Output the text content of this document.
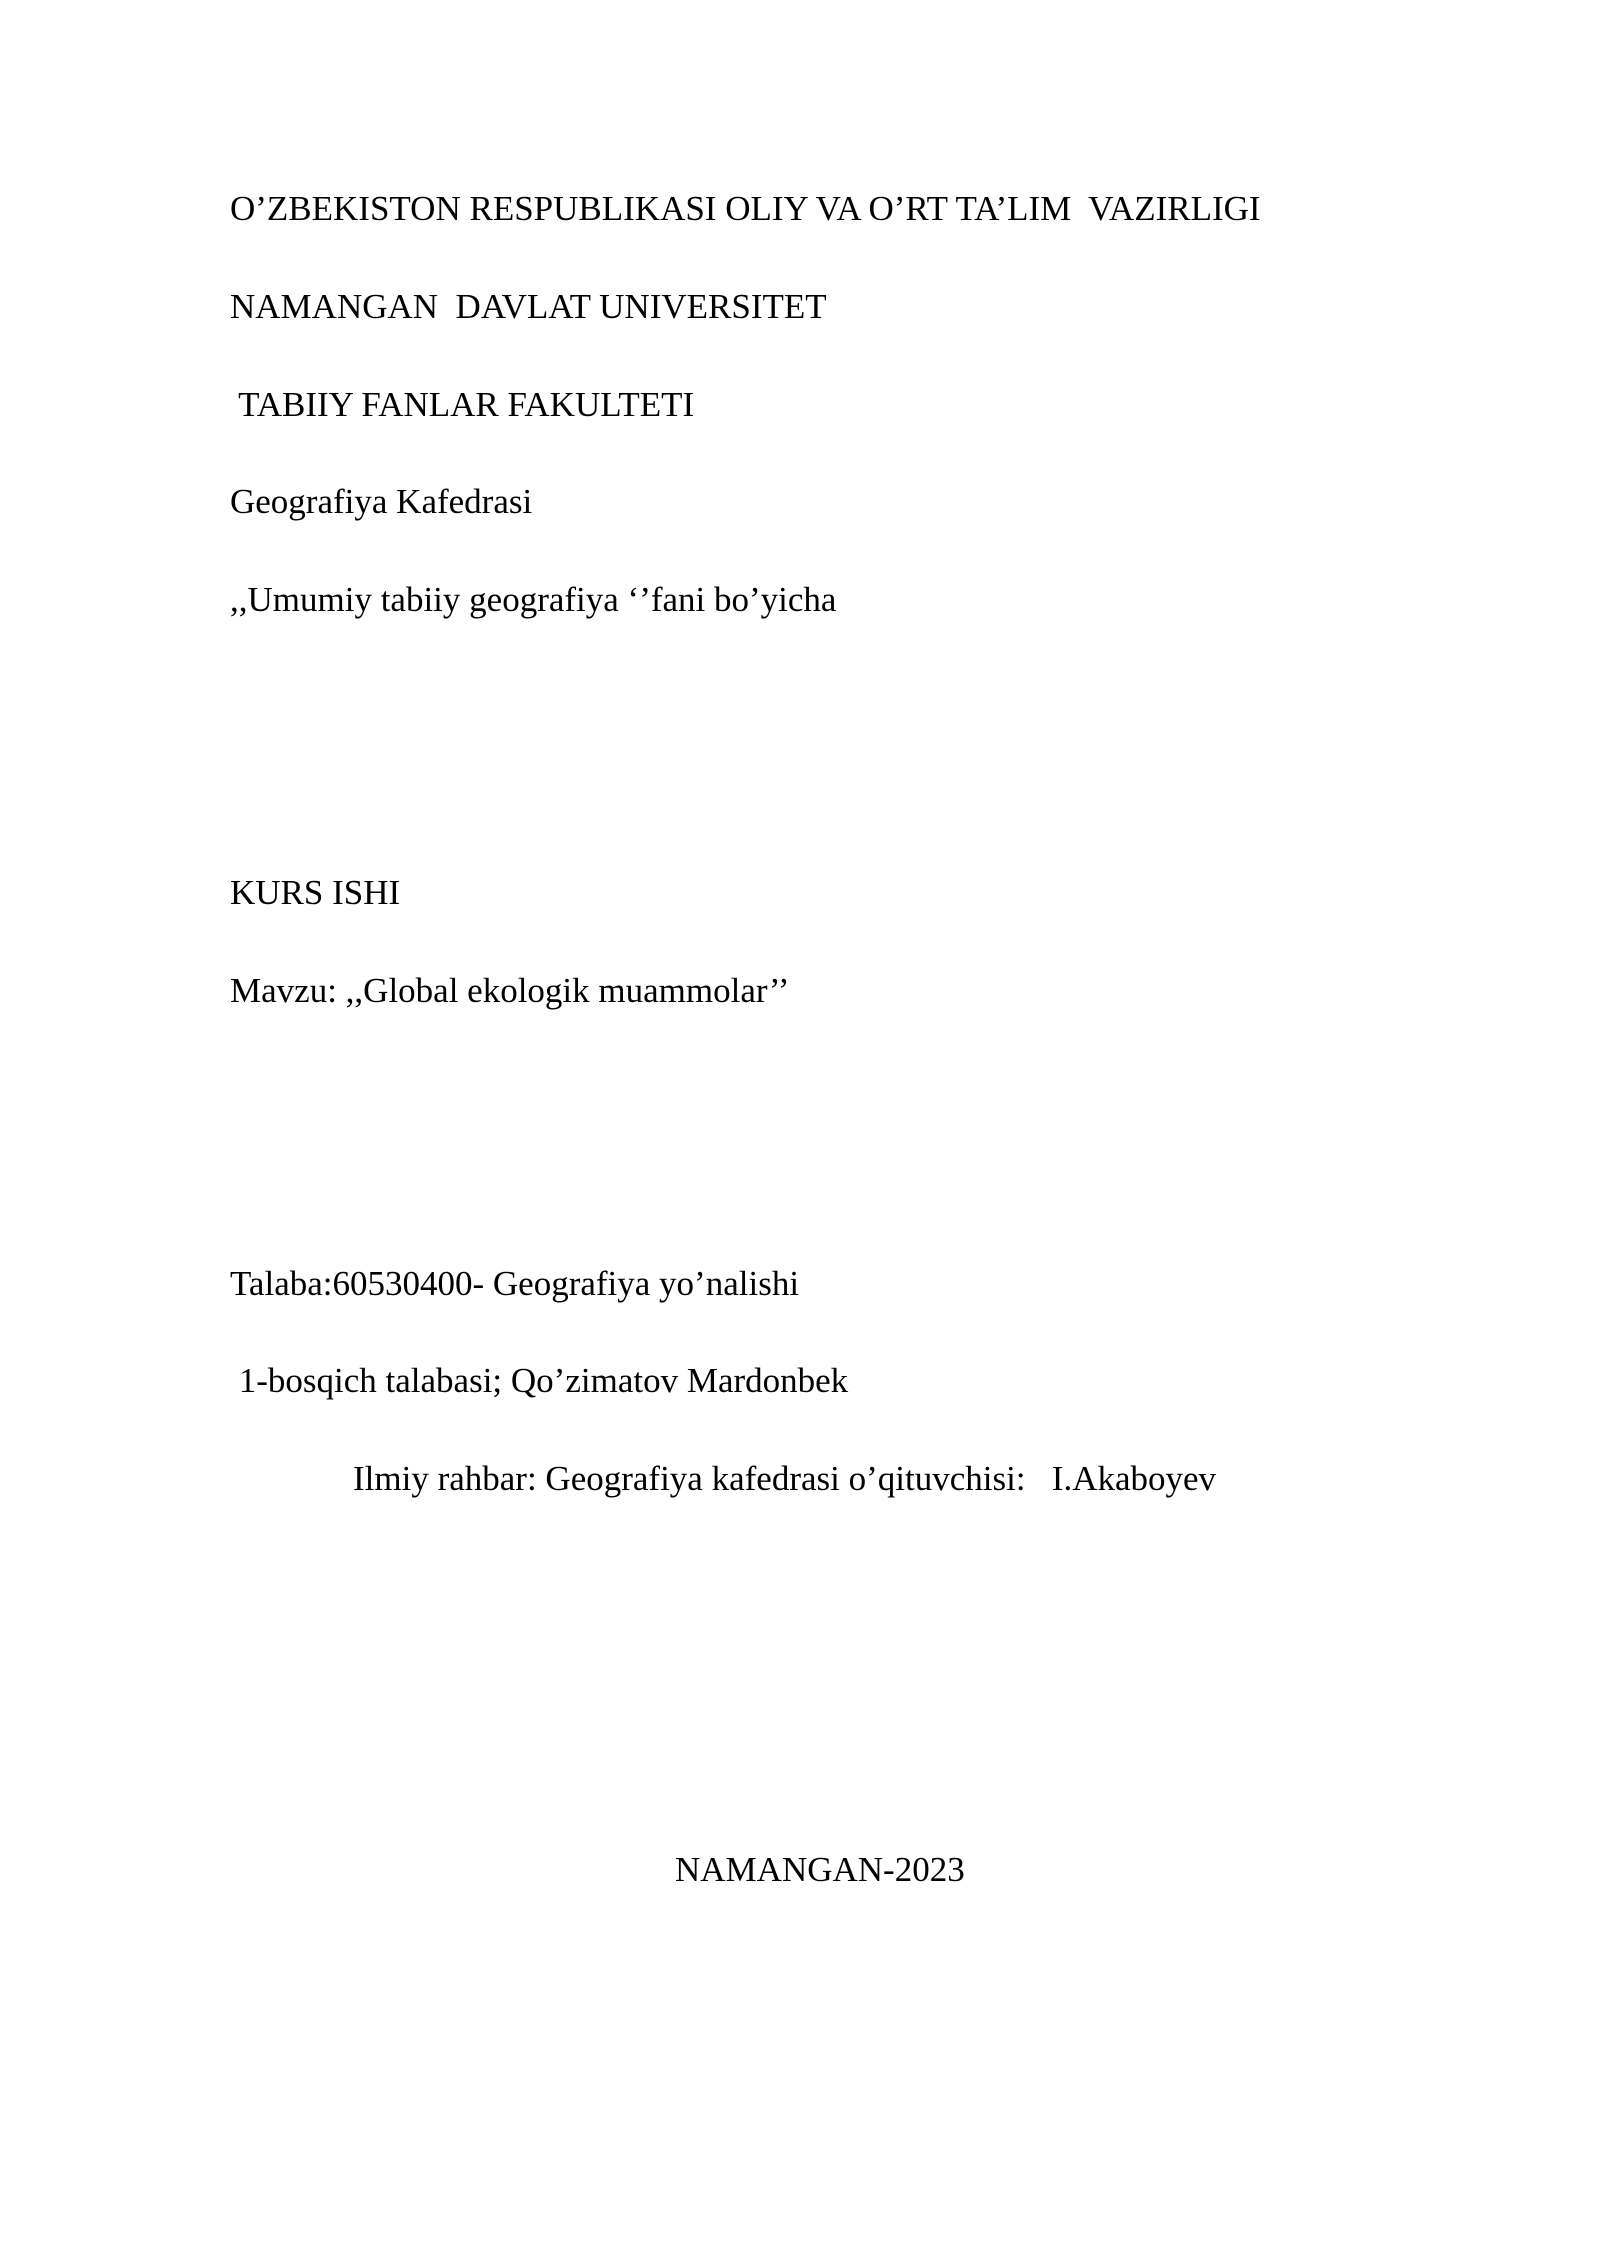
O’ZBEKISTON RESPUBLIKASI OLIY VA O’RT TA’LIM  VAZIRLIGI
NAMANGAN  DAVLAT UNIVERSITET
TABIIY FANLAR FAKULTETI
Geografiya Kafedrasi
,,Umumiy tabiiy geografiya ‘’fani bo’yicha
KURS ISHI
Mavzu: ,,Global ekologik muammolar’’
Talaba:60530400- Geografiya yo’nalishi
1-bosqich talabasi; Qo’zimatov Mardonbek
Ilmiy rahbar: Geografiya kafedrasi o’qituvchisi:   I.Akaboyev
NAMANGAN-2023
